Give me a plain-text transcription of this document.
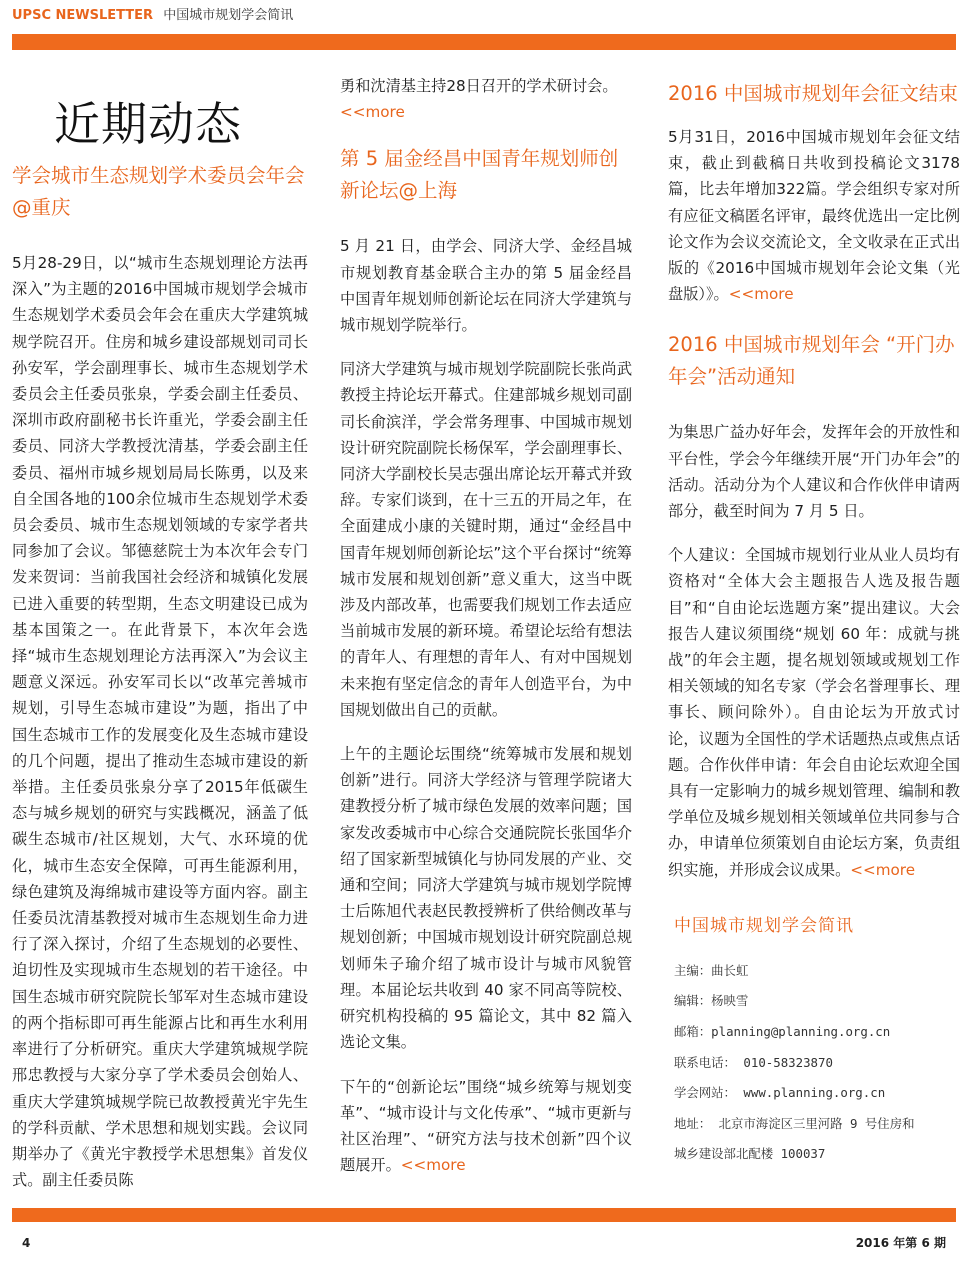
UPSC NEWSLETTER 中国城市规划学会简讯
近期动态
学会城市生态规划学术委员会年会@重庆

5月28-29日，以“城市生态规划理论方法再深入”为主题的2016中国城市规划学会城市生态规划学术委员会年会在重庆大学建筑城规学院召开。住房和城乡建设部规划司司长孙安军，学会副理事长、城市生态规划学术委员会主任委员张泉，学委会副主任委员、深圳市政府副秘书长许重光，学委会副主任委员、同济大学教授沈清基，学委会副主任委员、福州市城乡规划局局长陈勇，以及来自全国各地的100余位城市生态规划学术委员会委员、城市生态规划领域的专家学者共同参加了会议。邹德慈院士为本次年会专门发来贺词：当前我国社会经济和城镇化发展已进入重要的转型期，生态文明建设已成为基本国策之一。在此背景下，本次年会选择“城市生态规划理论方法再深入”为会议主题意义深远。孙安军司长以“改革完善城市规划，引导生态城市建设”为题，指出了中国生态城市工作的发展变化及生态城市建设的几个问题，提出了推动生态城市建设的新举措。主任委员张泉分享了2015年低碳生态与城乡规划的研究与实践概况，涵盖了低碳生态城市/社区规划，大气、水环境的优化，城市生态安全保障，可再生能源利用，绿色建筑及海绵城市建设等方面内容。副主任委员沈清基教授对城市生态规划生命力进行了深入探讨，介绍了生态规划的必要性、迫切性及实现城市生态规划的若干途径。中国生态城市研究院院长邹军对生态城市建设的两个指标即可再生能源占比和再生水利用率进行了分析研究。重庆大学建筑城规学院邢忠教授与大家分享了学术委员会创始人、重庆大学建筑城规学院已故教授黄光宇先生的学科贡献、学术思想和规划实践。会议同期举办了《黄光宇教授学术思想集》首发仪式。副主任委员陈

勇和沈清基主持28日召开的学术研讨会。
<<more

第 5 届金经昌中国青年规划师创新论坛@上海

5 月 21 日，由学会、同济大学、金经昌城市规划教育基金联合主办的第 5 届金经昌中国青年规划师创新论坛在同济大学建筑与城市规划学院举行。

同济大学建筑与城市规划学院副院长张尚武教授主持论坛开幕式。住建部城乡规划司副司长俞滨洋，学会常务理事、中国城市规划设计研究院副院长杨保军，学会副理事长、同济大学副校长吴志强出席论坛开幕式并致辞。专家们谈到，在十三五的开局之年，在全面建成小康的关键时期，通过“金经昌中国青年规划师创新论坛”这个平台探讨“统筹城市发展和规划创新”意义重大，这当中既涉及内部改革，也需要我们规划工作去适应当前城市发展的新环境。希望论坛给有想法的青年人、有理想的青年人、有对中国规划未来抱有坚定信念的青年人创造平台，为中国规划做出自己的贡献。

上午的主题论坛围绕“统筹城市发展和规划创新”进行。同济大学经济与管理学院诸大建教授分析了城市绿色发展的效率问题；国家发改委城市中心综合交通院院长张国华介绍了国家新型城镇化与协同发展的产业、交通和空间；同济大学建筑与城市规划学院博士后陈旭代表赵民教授辨析了供给侧改革与规划创新；中国城市规划设计研究院副总规划师朱子瑜介绍了城市设计与城市风貌管理。本届论坛共收到 40 家不同高等院校、研究机构投稿的 95 篇论文，其中 82 篇入选论文集。

下午的“创新论坛”围绕“城乡统筹与规划变革”、“城市设计与文化传承”、“城市更新与社区治理”、“研究方法与技术创新”四个议题展开。<<more

2016 中国城市规划年会征文结束

5月31日，2016中国城市规划年会征文结束，截止到截稿日共收到投稿论文3178篇，比去年增加322篇。学会组织专家对所有应征文稿匿名评审，最终优选出一定比例论文作为会议交流论文，全文收录在正式出版的《2016中国城市规划年会论文集（光盘版）》。<<more

2016 中国城市规划年会 “开门办年会”活动通知

为集思广益办好年会，发挥年会的开放性和平台性，学会今年继续开展“开门办年会”的活动。活动分为个人建议和合作伙伴申请两部分，截至时间为 7 月 5 日。

个人建议：全国城市规划行业从业人员均有资格对“全体大会主题报告人选及报告题目”和“自由论坛选题方案”提出建议。大会报告人建议须围绕“规划 60 年：成就与挑战”的年会主题，提名规划领域或规划工作相关领域的知名专家（学会名誉理事长、理事长、顾问除外）。自由论坛为开放式讨论，议题为全国性的学术话题热点或焦点话题。合作伙伴申请：年会自由论坛欢迎全国具有一定影响力的城乡规划管理、编制和教学单位及城乡规划相关领域单位共同参与合办，申请单位须策划自由论坛方案，负责组织实施，并形成会议成果。<<more

中国城市规划学会简讯
主编：曲长虹
编辑：杨映雪
邮箱：planning@planning.org.cn
联系电话： 010-58323870
学会网站： www.planning.org.cn
地址： 北京市海淀区三里河路 9 号住房和
城乡建设部北配楼 100037
4	2016 年第 6 期
